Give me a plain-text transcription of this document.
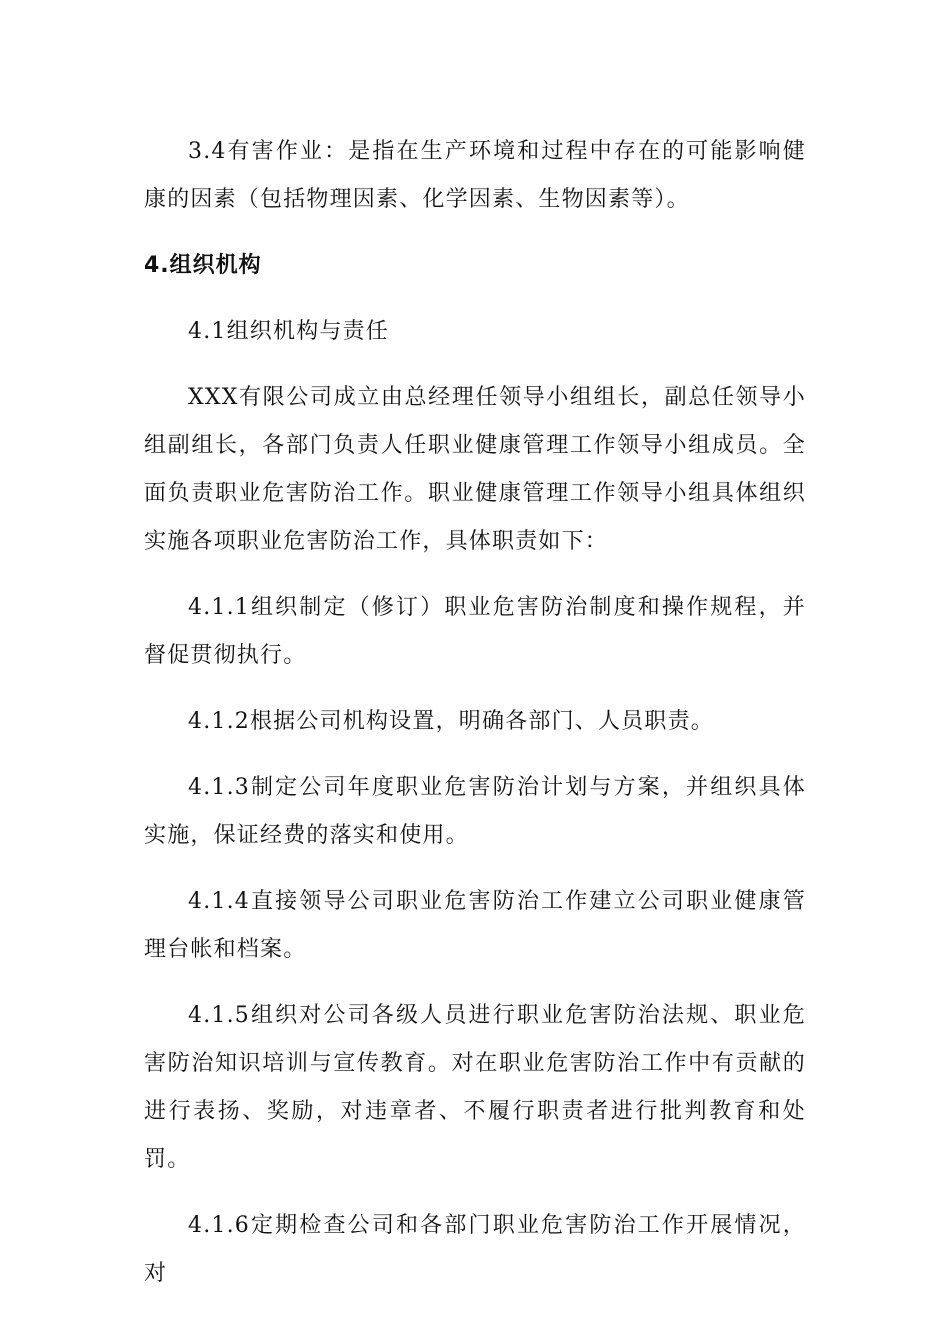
3.4有害作业：是指在生产环境和过程中存在的可能影响健康的因素（包括物理因素、化学因素、生物因素等）。

4.组织机构

4.1组织机构与责任

XXX有限公司成立由总经理任领导小组组长，副总任领导小组副组长，各部门负责人任职业健康管理工作领导小组成员。全面负责职业危害防治工作。职业健康管理工作领导小组具体组织实施各项职业危害防治工作，具体职责如下：

4.1.1组织制定（修订）职业危害防治制度和操作规程，并督促贯彻执行。

4.1.2根据公司机构设置，明确各部门、人员职责。

4.1.3制定公司年度职业危害防治计划与方案，并组织具体实施，保证经费的落实和使用。

4.1.4直接领导公司职业危害防治工作建立公司职业健康管理台帐和档案。

4.1.5组织对公司各级人员进行职业危害防治法规、职业危害防治知识培训与宣传教育。对在职业危害防治工作中有贡献的进行表扬、奖励，对违章者、不履行职责者进行批判教育和处罚。

4.1.6定期检查公司和各部门职业危害防治工作开展情况，对
